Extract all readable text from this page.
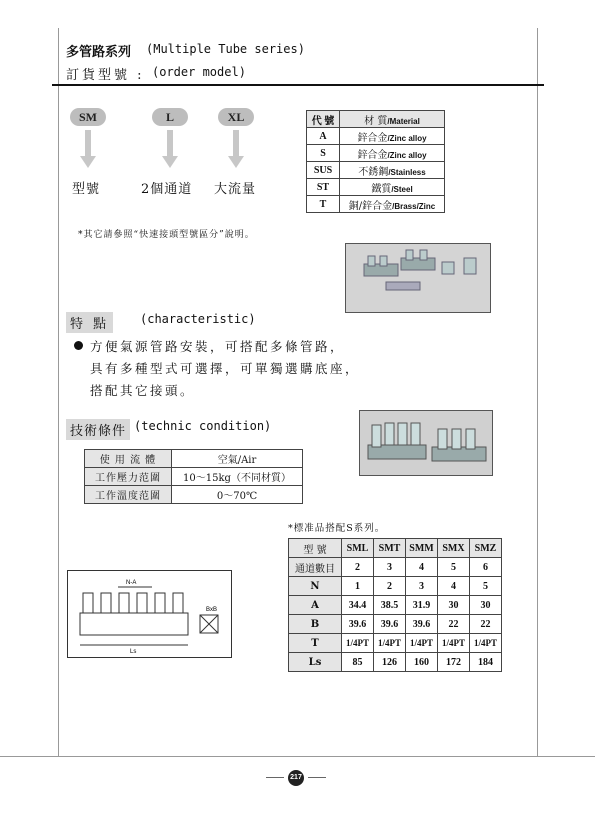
多管路系列 (Multiple Tube series)
訂貨型號 : (order model)
SM
型號
L
2個通道
XL
大流量
代 號	材 質/Material
A	鋅合金/Zinc alloy
S	鋅合金/Zinc alloy
SUS	不銹鋼/Stainless
ST	鐵質/Steel
T	銅/鋅合金/Brass/Zinc
*其它請參照“快速接頭型號區分”說明。
特 點	(characteristic)
方便氣源管路安裝，可搭配多條管路，
具有多種型式可選擇，可單獨選購底座，
搭配其它接頭。
技術條件 (technic condition)
使 用 流 體	空氣/Air
工作壓力范圍	10～15kg（不同材質）
工作溫度范圍	0～70℃
*標准品搭配S系列。
N-A
BxB
Ls
型 號	SML	SMT	SMM	SMX	SMZ
通道數目	2	3	4	5	6
N	1	2	3	4	5
A	34.4	38.5	31.9	30	30
B	39.6	39.6	39.6	22	22
T	1/4PT	1/4PT	1/4PT	1/4PT	1/4PT
Ls	85	126	160	172	184
217
